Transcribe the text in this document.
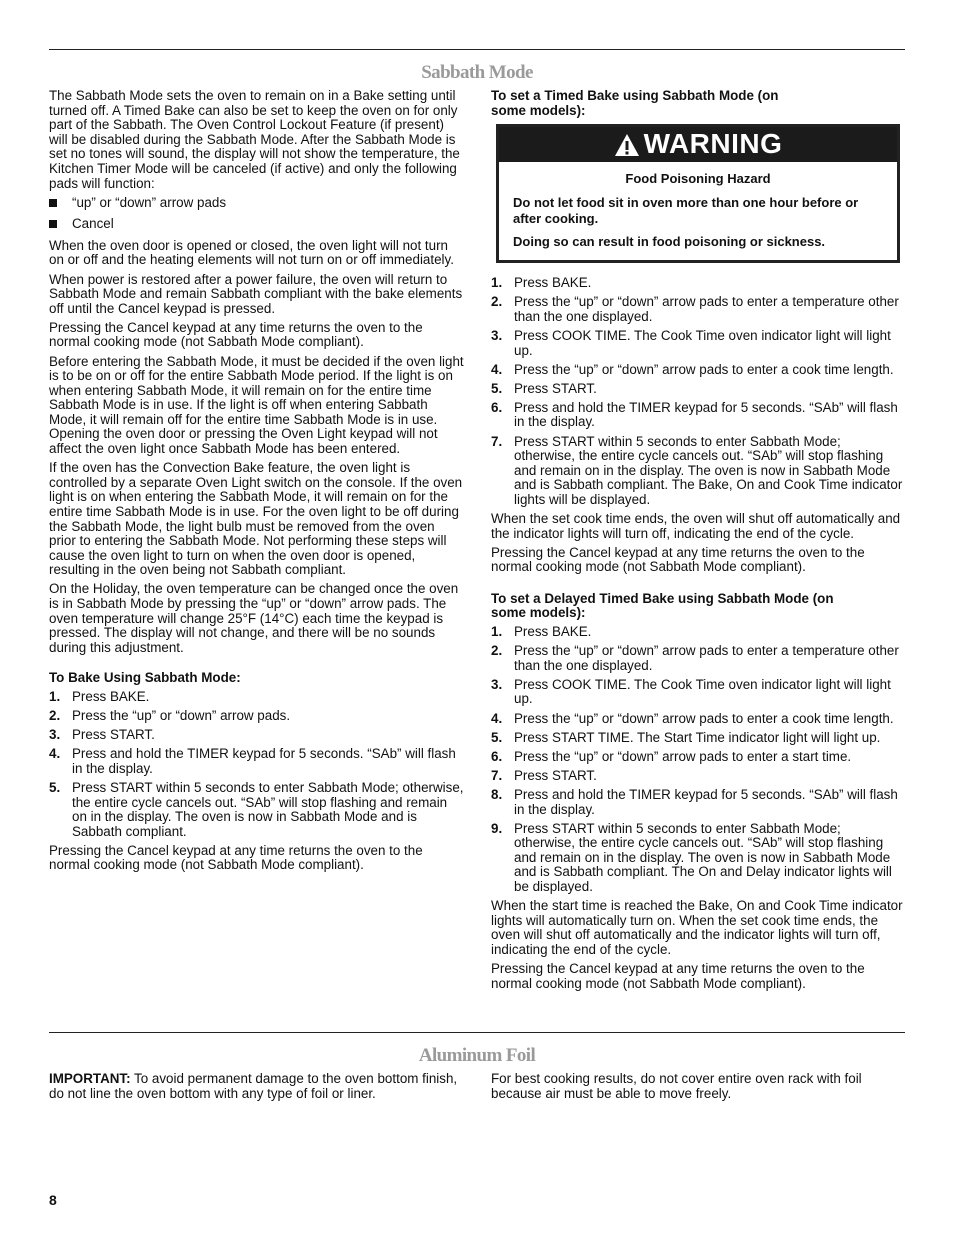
Sabbath Mode

The Sabbath Mode sets the oven to remain on in a Bake setting until turned off. A Timed Bake can also be set to keep the oven on for only part of the Sabbath. The Oven Control Lockout Feature (if present) will be disabled during the Sabbath Mode. After the Sabbath Mode is set no tones will sound, the display will not show the temperature, the Kitchen Timer Mode will be canceled (if active) and only the following pads will function:

“up” or “down” arrow pads
Cancel

When the oven door is opened or closed, the oven light will not turn on or off and the heating elements will not turn on or off immediately.

When power is restored after a power failure, the oven will return to Sabbath Mode and remain Sabbath compliant with the bake elements off until the Cancel keypad is pressed.

Pressing the Cancel keypad at any time returns the oven to the normal cooking mode (not Sabbath Mode compliant).

Before entering the Sabbath Mode, it must be decided if the oven light is to be on or off for the entire Sabbath Mode period. If the light is on when entering Sabbath Mode, it will remain on for the entire time Sabbath Mode is in use. If the light is off when entering Sabbath Mode, it will remain off for the entire time Sabbath Mode is in use. Opening the oven door or pressing the Oven Light keypad will not affect the oven light once Sabbath Mode has been entered.

If the oven has the Convection Bake feature, the oven light is controlled by a separate Oven Light switch on the console. If the oven light is on when entering the Sabbath Mode, it will remain on for the entire time Sabbath Mode is in use. For the oven light to be off during the Sabbath Mode, the light bulb must be removed from the oven prior to entering the Sabbath Mode. Not performing these steps will cause the oven light to turn on when the oven door is opened, resulting in the oven being not Sabbath compliant.

On the Holiday, the oven temperature can be changed once the oven is in Sabbath Mode by pressing the “up” or “down” arrow pads. The oven temperature will change 25°F (14°C) each time the keypad is pressed. The display will not change, and there will be no sounds during this adjustment.

To Bake Using Sabbath Mode:
1. Press BAKE.
2. Press the “up” or “down” arrow pads.
3. Press START.
4. Press and hold the TIMER keypad for 5 seconds. “SAb” will flash in the display.
5. Press START within 5 seconds to enter Sabbath Mode; otherwise, the entire cycle cancels out. “SAb” will stop flashing and remain on in the display. The oven is now in Sabbath Mode and is Sabbath compliant.

Pressing the Cancel keypad at any time returns the oven to the normal cooking mode (not Sabbath Mode compliant).

To set a Timed Bake using Sabbath Mode (on some models):
WARNING
Food Poisoning Hazard

Do not let food sit in oven more than one hour before or after cooking.

Doing so can result in food poisoning or sickness.

1. Press BAKE.
2. Press the “up” or “down” arrow pads to enter a temperature other than the one displayed.
3. Press COOK TIME. The Cook Time oven indicator light will light up.
4. Press the “up” or “down” arrow pads to enter a cook time length.
5. Press START.
6. Press and hold the TIMER keypad for 5 seconds. “SAb” will flash in the display.
7. Press START within 5 seconds to enter Sabbath Mode; otherwise, the entire cycle cancels out. “SAb” will stop flashing and remain on in the display. The oven is now in Sabbath Mode and is Sabbath compliant. The Bake, On and Cook Time indicator lights will be displayed.

When the set cook time ends, the oven will shut off automatically and the indicator lights will turn off, indicating the end of the cycle.

Pressing the Cancel keypad at any time returns the oven to the normal cooking mode (not Sabbath Mode compliant).

To set a Delayed Timed Bake using Sabbath Mode (on some models):
1. Press BAKE.
2. Press the “up” or “down” arrow pads to enter a temperature other than the one displayed.
3. Press COOK TIME. The Cook Time oven indicator light will light up.
4. Press the “up” or “down” arrow pads to enter a cook time length.
5. Press START TIME. The Start Time indicator light will light up.
6. Press the “up” or “down” arrow pads to enter a start time.
7. Press START.
8. Press and hold the TIMER keypad for 5 seconds. “SAb” will flash in the display.
9. Press START within 5 seconds to enter Sabbath Mode; otherwise, the entire cycle cancels out. “SAb” will stop flashing and remain on in the display. The oven is now in Sabbath Mode and is Sabbath compliant. The On and Delay indicator lights will be displayed.

When the start time is reached the Bake, On and Cook Time indicator lights will automatically turn on. When the set cook time ends, the oven will shut off automatically and the indicator lights will turn off, indicating the end of the cycle.

Pressing the Cancel keypad at any time returns the oven to the normal cooking mode (not Sabbath Mode compliant).

Aluminum Foil

IMPORTANT: To avoid permanent damage to the oven bottom finish, do not line the oven bottom with any type of foil or liner.

For best cooking results, do not cover entire oven rack with foil because air must be able to move freely.

8
